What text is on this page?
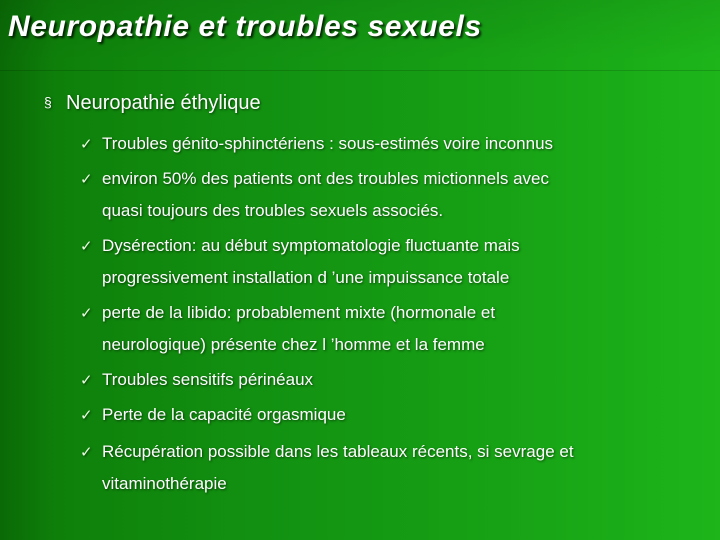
Neuropathie et troubles sexuels
§ Neuropathie éthylique
✓ Troubles génito-sphinctériens : sous-estimés voire inconnus
✓ environ 50% des patients ont des troubles mictionnels avec
quasi toujours des troubles sexuels associés.
✓ Dysérection: au début symptomatologie fluctuante mais
progressivement installation d ’une impuissance totale
✓ perte de la libido: probablement mixte (hormonale et
neurologique) présente chez l ’homme et la femme
✓ Troubles sensitifs périnéaux
✓ Perte de la capacité orgasmique
✓ Récupération possible dans les tableaux récents, si sevrage et
vitaminothérapie
